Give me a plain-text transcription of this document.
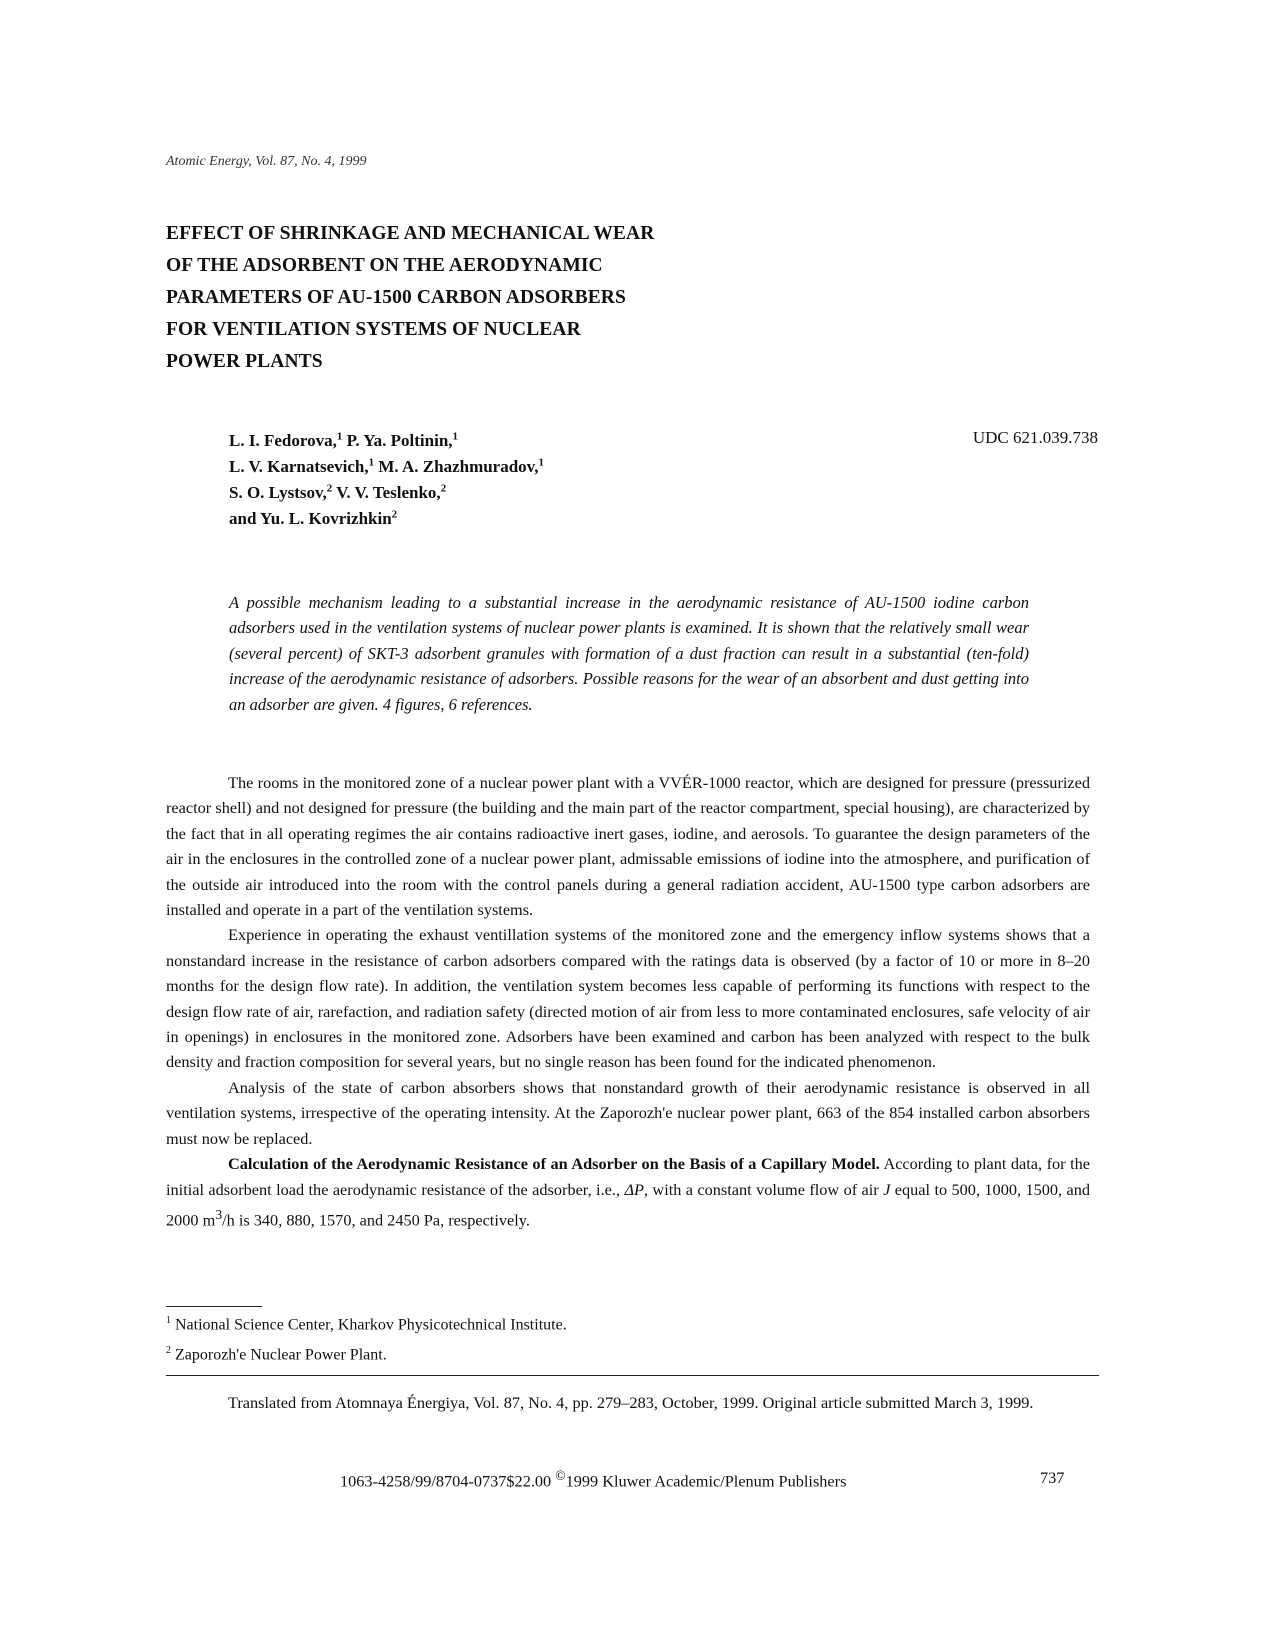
Atomic Energy, Vol. 87, No. 4, 1999
EFFECT OF SHRINKAGE AND MECHANICAL WEAR
OF THE ADSORBENT ON THE AERODYNAMIC
PARAMETERS OF AU-1500 CARBON ADSORBERS
FOR VENTILATION SYSTEMS OF NUCLEAR
POWER PLANTS
L. I. Fedorova,$^1$ P. Ya. Poltinin,$^1$
L. V. Karnatsevich,$^1$ M. A. Zhazhmuradov,$^1$
S. O. Lystsov,$^2$ V. V. Teslenko,$^2$
and Yu. L. Kovrizhkin$^2$
UDC 621.039.738
A possible mechanism leading to a substantial increase in the aerodynamic resistance of AU-1500 iodine carbon adsorbers used in the ventilation systems of nuclear power plants is examined. It is shown that the relatively small wear (several percent) of SKT-3 adsorbent granules with formation of a dust fraction can result in a substantial (ten-fold) increase of the aerodynamic resistance of adsorbers. Possible reasons for the wear of an absorbent and dust getting into an adsorber are given. 4 figures, 6 references.

The rooms in the monitored zone of a nuclear power plant with a VVÉR-1000 reactor, which are designed for pressure (pressurized reactor shell) and not designed for pressure (the building and the main part of the reactor compartment, special housing), are characterized by the fact that in all operating regimes the air contains radioactive inert gases, iodine, and aerosols. To guarantee the design parameters of the air in the enclosures in the controlled zone of a nuclear power plant, admissable emissions of iodine into the atmosphere, and purification of the outside air introduced into the room with the control panels during a general radiation accident, AU-1500 type carbon adsorbers are installed and operate in a part of the ventilation systems.

Experience in operating the exhaust ventillation systems of the monitored zone and the emergency inflow systems shows that a nonstandard increase in the resistance of carbon adsorbers compared with the ratings data is observed (by a factor of 10 or more in 8–20 months for the design flow rate). In addition, the ventilation system becomes less capable of performing its functions with respect to the design flow rate of air, rarefaction, and radiation safety (directed motion of air from less to more contaminated enclosures, safe velocity of air in openings) in enclosures in the monitored zone. Adsorbers have been examined and carbon has been analyzed with respect to the bulk density and fraction composition for several years, but no single reason has been found for the indicated phenomenon.

Analysis of the state of carbon absorbers shows that nonstandard growth of their aerodynamic resistance is observed in all ventilation systems, irrespective of the operating intensity. At the Zaporozh'e nuclear power plant, 663 of the 854 installed carbon absorbers must now be replaced.

Calculation of the Aerodynamic Resistance of an Adsorber on the Basis of a Capillary Model. According to plant data, for the initial adsorbent load the aerodynamic resistance of the adsorber, i.e., ΔP, with a constant volume flow of air J equal to 500, 1000, 1500, and 2000 $m^3/h$ is 340, 880, 1570, and 2450 Pa, respectively.

$^1$ National Science Center, Kharkov Physicotechnical Institute.
$^2$ Zaporozh'e Nuclear Power Plant.
Translated from Atomnaya Énergiya, Vol. 87, No. 4, pp. 279–283, October, 1999. Original article submitted March 3, 1999.
1063-4258/99/8704-0737$22.00 ©1999 Kluwer Academic/Plenum Publishers	737
